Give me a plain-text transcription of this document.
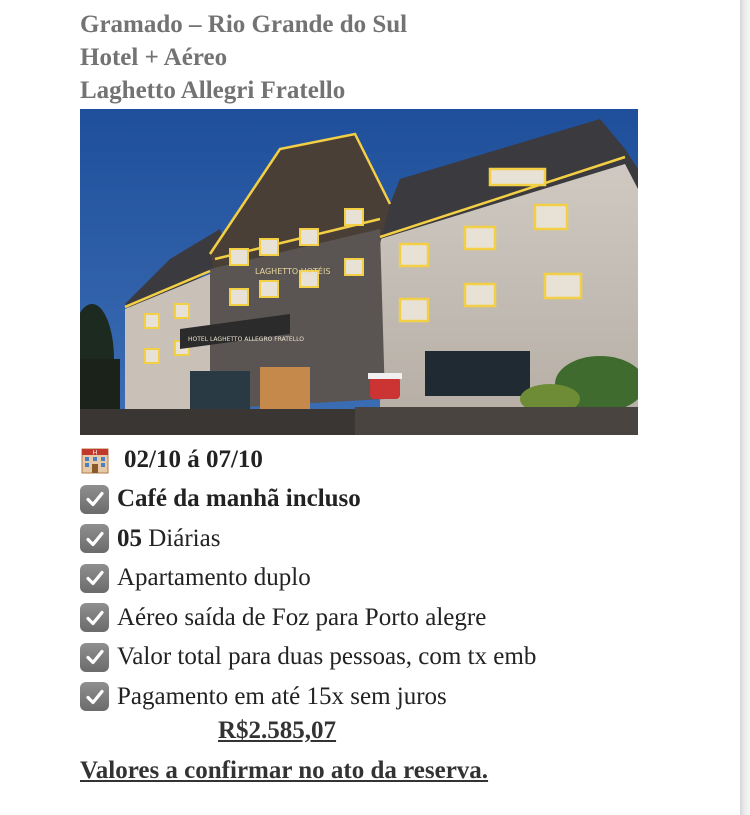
Gramado – Rio Grande do Sul
Hotel + Aéreo
Laghetto Allegri Fratello
LAGHETTO HOTÉIS
HOTEL LAGHETTO ALLEGRO FRATELLO
H 02/10 á 07/10
Café da manhã incluso
05 Diárias
Apartamento duplo
Aéreo saída de Foz para Porto alegre
Valor total para duas pessoas, com tx emb
Pagamento em até 15x sem juros
R$2.585,07
Valores a confirmar no ato da reserva.
